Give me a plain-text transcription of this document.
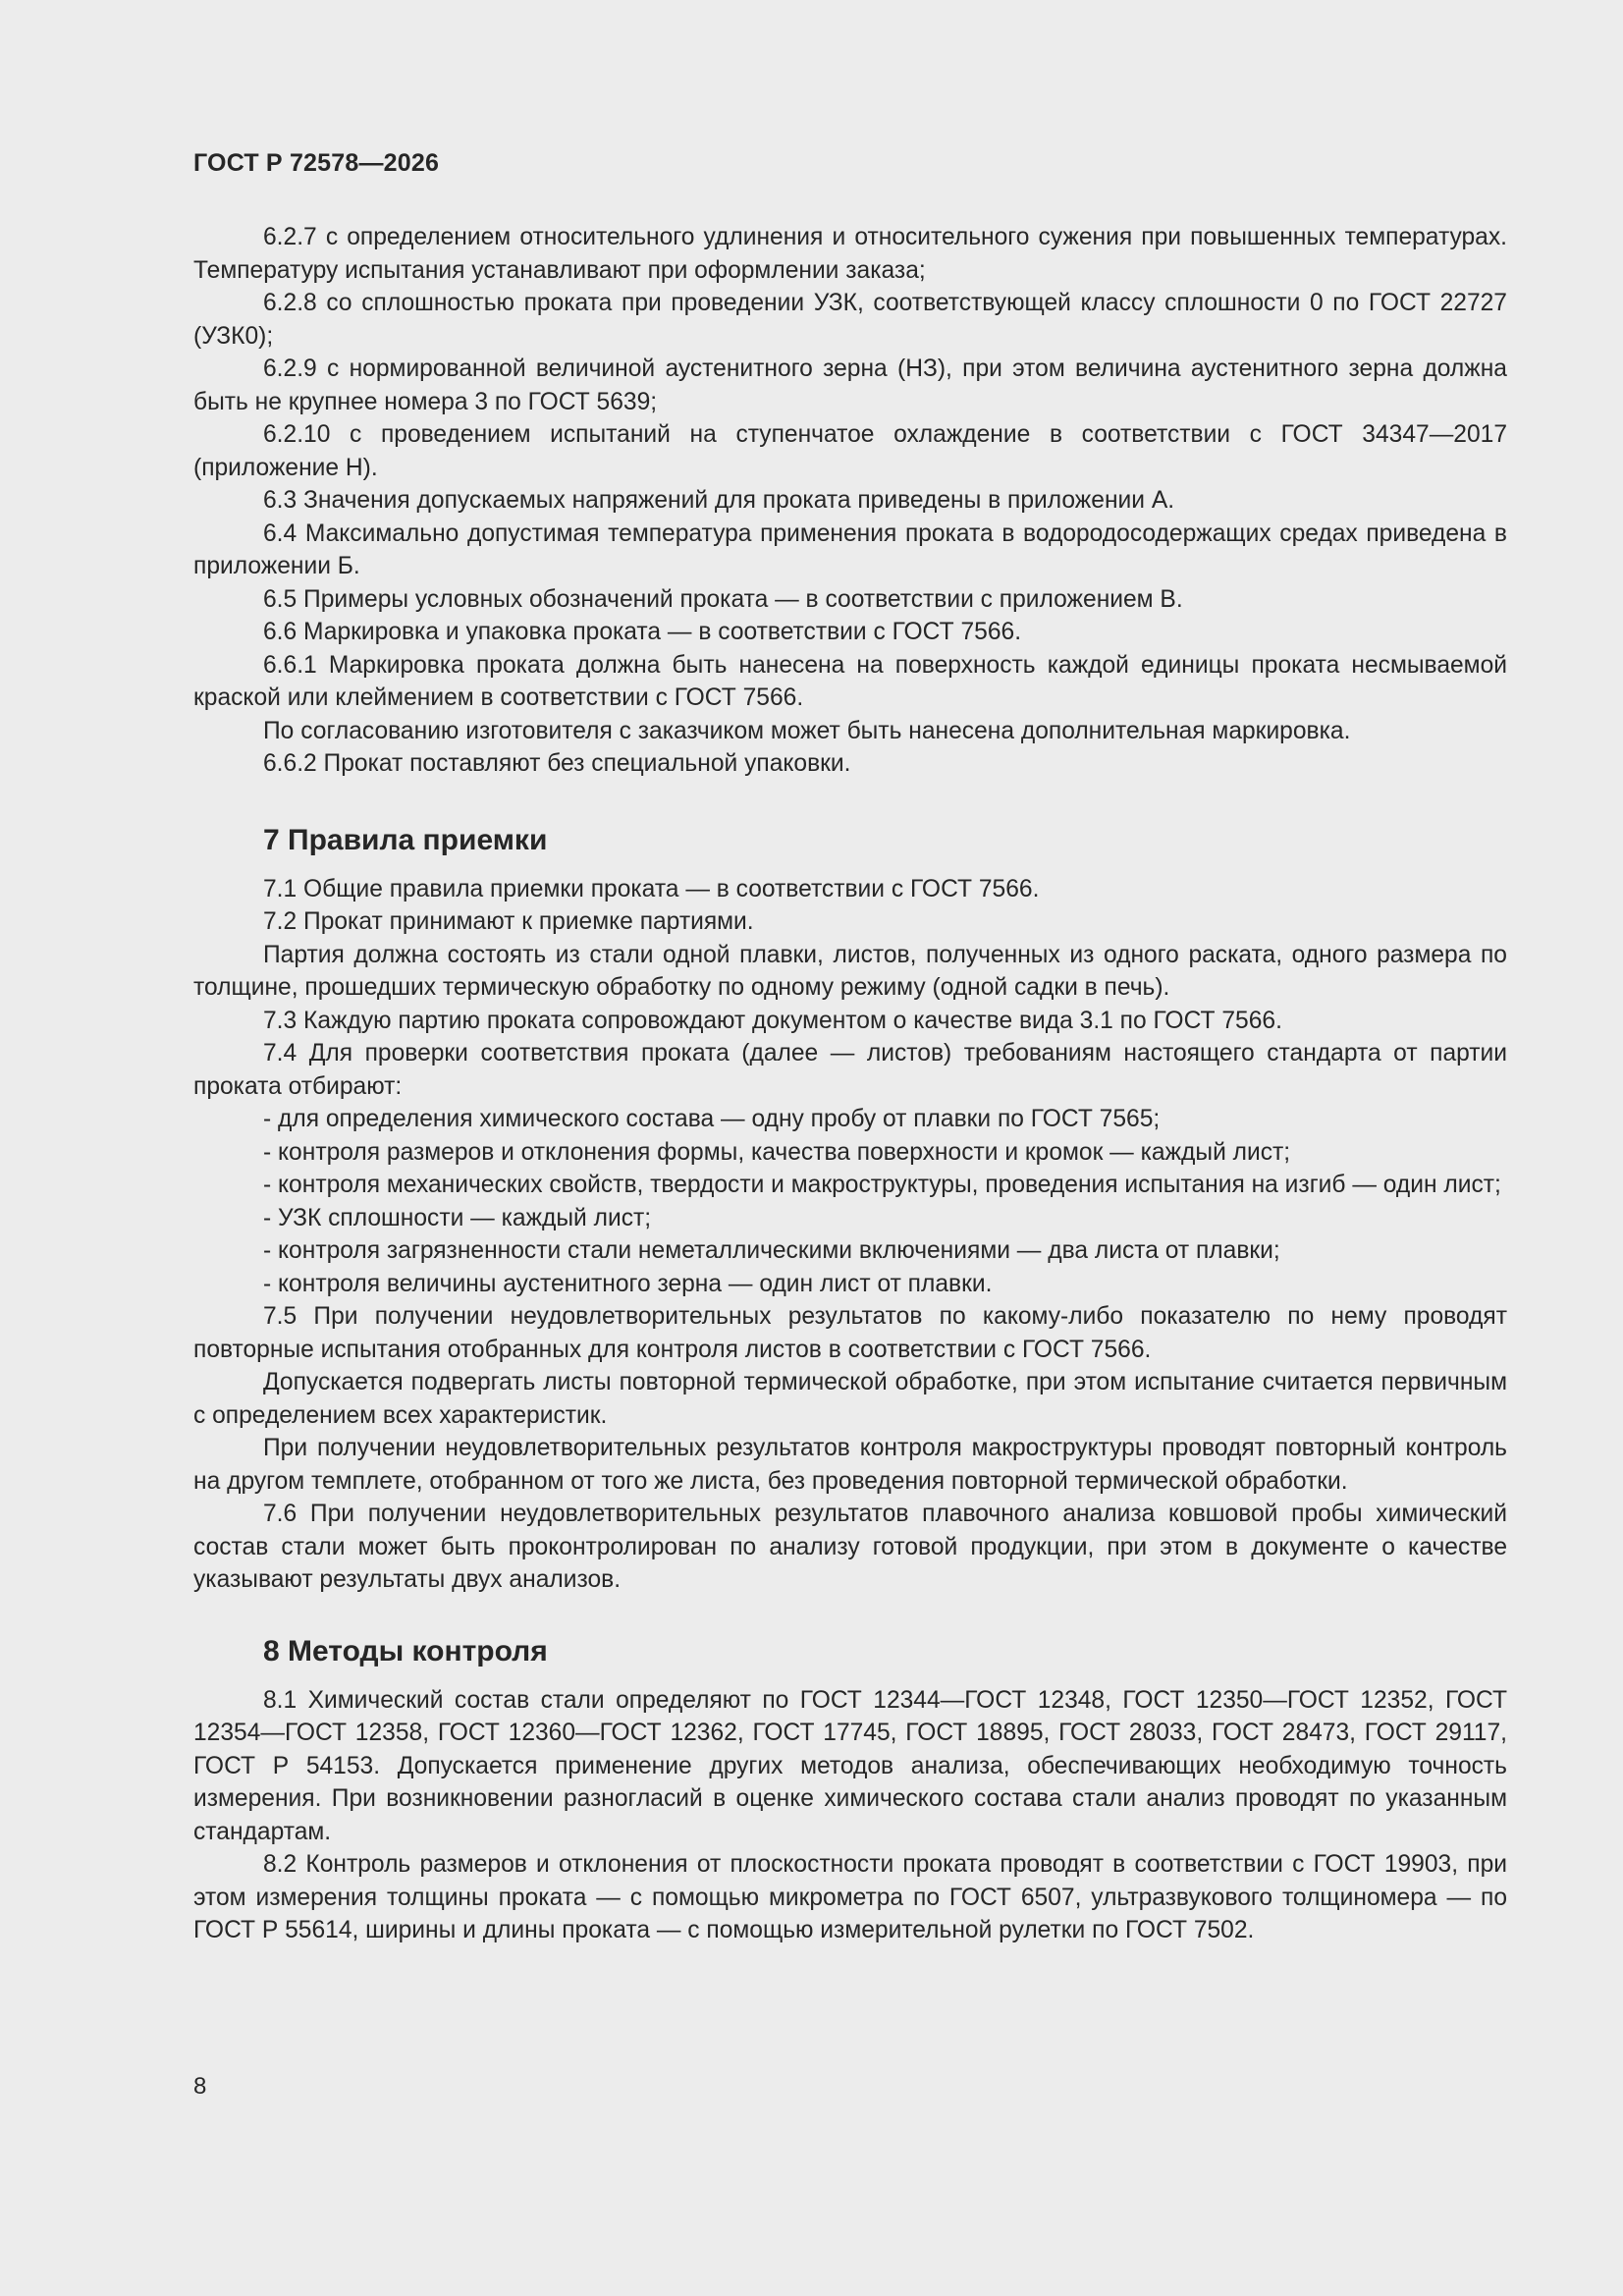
ГОСТ Р 72578—2026

6.2.7 с определением относительного удлинения и относительного сужения при повышенных температурах. Температуру испытания устанавливают при оформлении заказа;

6.2.8 со сплошностью проката при проведении УЗК, соответствующей классу сплошности 0 по ГОСТ 22727 (УЗК0);

6.2.9 с нормированной величиной аустенитного зерна (НЗ), при этом величина аустенитного зерна должна быть не крупнее номера 3 по ГОСТ 5639;

6.2.10 с проведением испытаний на ступенчатое охлаждение в соответствии с ГОСТ 34347—2017 (приложение Н).

6.3 Значения допускаемых напряжений для проката приведены в приложении А.

6.4 Максимально допустимая температура применения проката в водородосодержащих средах приведена в приложении Б.

6.5 Примеры условных обозначений проката — в соответствии с приложением В.

6.6 Маркировка и упаковка проката — в соответствии с ГОСТ 7566.

6.6.1 Маркировка проката должна быть нанесена на поверхность каждой единицы проката несмываемой краской или клеймением в соответствии с ГОСТ 7566.

По согласованию изготовителя с заказчиком может быть нанесена дополнительная маркировка.

6.6.2 Прокат поставляют без специальной упаковки.

7 Правила приемки

7.1 Общие правила приемки проката — в соответствии с ГОСТ 7566.

7.2 Прокат принимают к приемке партиями.

Партия должна состоять из стали одной плавки, листов, полученных из одного раската, одного размера по толщине, прошедших термическую обработку по одному режиму (одной садки в печь).

7.3 Каждую партию проката сопровождают документом о качестве вида 3.1 по ГОСТ 7566.

7.4 Для проверки соответствия проката (далее — листов) требованиям настоящего стандарта от партии проката отбирают:

- для определения химического состава — одну пробу от плавки по ГОСТ 7565;

- контроля размеров и отклонения формы, качества поверхности и кромок — каждый лист;

- контроля механических свойств, твердости и макроструктуры, проведения испытания на изгиб — один лист;

- УЗК сплошности — каждый лист;

- контроля загрязненности стали неметаллическими включениями — два листа от плавки;

- контроля величины аустенитного зерна — один лист от плавки.

7.5 При получении неудовлетворительных результатов по какому-либо показателю по нему проводят повторные испытания отобранных для контроля листов в соответствии с ГОСТ 7566.

Допускается подвергать листы повторной термической обработке, при этом испытание считается первичным с определением всех характеристик.

При получении неудовлетворительных результатов контроля макроструктуры проводят повторный контроль на другом темплете, отобранном от того же листа, без проведения повторной термической обработки.

7.6 При получении неудовлетворительных результатов плавочного анализа ковшовой пробы химический состав стали может быть проконтролирован по анализу готовой продукции, при этом в документе о качестве указывают результаты двух анализов.

8 Методы контроля

8.1 Химический состав стали определяют по ГОСТ 12344—ГОСТ 12348, ГОСТ 12350—ГОСТ 12352, ГОСТ 12354—ГОСТ 12358, ГОСТ 12360—ГОСТ 12362, ГОСТ 17745, ГОСТ 18895, ГОСТ 28033, ГОСТ 28473, ГОСТ 29117, ГОСТ Р 54153. Допускается применение других методов анализа, обеспечивающих необходимую точность измерения. При возникновении разногласий в оценке химического состава стали анализ проводят по указанным стандартам.

8.2 Контроль размеров и отклонения от плоскостности проката проводят в соответствии с ГОСТ 19903, при этом измерения толщины проката — с помощью микрометра по ГОСТ 6507, ультразвукового толщиномера — по ГОСТ Р 55614, ширины и длины проката — с помощью измерительной рулетки по ГОСТ 7502.

8
